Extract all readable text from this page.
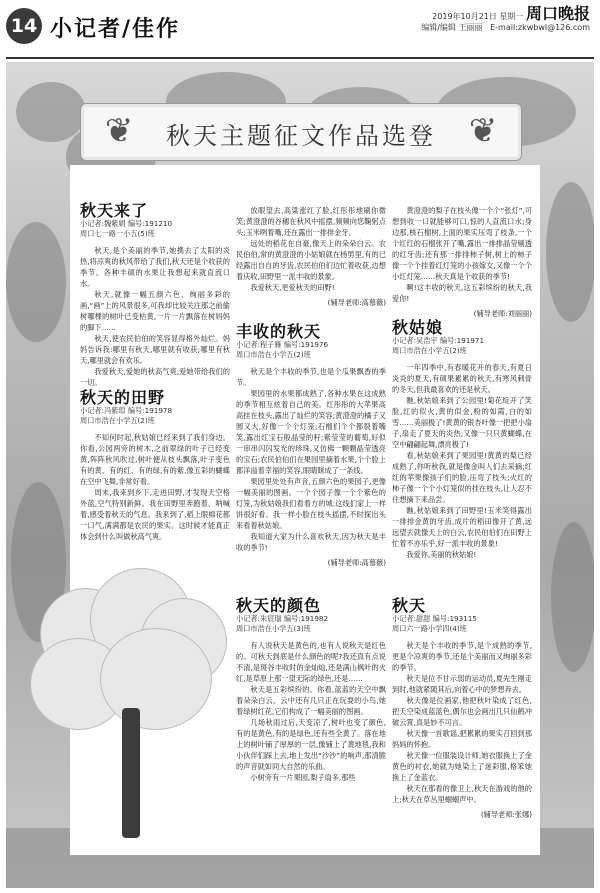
14 小记者/佳作
2019年10月21日 星期一 周口晚报
编辑/编辑 王丽丽 E-mail:zkwbwl@126.com
❦	秋天主题征文作品选登 ❦
秋天来了
小记者:魏紫娟 编号:191210
周口七一路一小五(5)班

秋天,是个美丽的季节,她携去了太阳的炎热,将凉爽的秋风带给了我们,秋天还是个收获的季节。各种丰硕的水果让我想起来就直流口水。

秋天,就像一幅五颜六色、绚丽多彩的画,“画”上的风景很多,可我却比较关注那之前偷树哪棵的树叶已变枯黄,一片一片飘落在树妈妈的脚下……

秋天,使农民伯伯的笑容显得格外灿烂。妈妈告诉我:哪里有秋天,哪里就有收获;哪里有秋天,哪里就会有欢乐。

我爱秋天,爱她的秋高气爽,爱她带给我们的一切。

秋天的田野
小记者:冯紫瑄 编号:191978
周口市浩在小学五(2)班

不知何时起,秋姑娘已经来到了我们身边。你看,公园两旁的树木,之前翠绿的叶子已经变黄,阵阵秋风吹过,树叶便从枝头飘落,叶子变色有的黄、有的红、有的绿,有的紫,像五彩的蝴蝶在空中飞舞,非常好看。

周末,我来到乡下,走进田野,才发现天空格外蓝,空气特别新鲜。我在田野里奔跑着、呐喊着,感受着秋天的气息。我来到了,稻上眼棉花都一口气,满满都是农民的果实。这时候才能真正体会到什么叫做秋高气爽。

放眼望去,高粱涨红了脸,红彤彤地刷你微笑;黄澄澄的谷穗在秋风中摇摆,频频向您鞠躬点头;玉米咧着嘴,还在露出一排排金牙。

远处的稻花在自豪,像天上的朵朵白云。农民伯伯,常的黄澄澄的小姑娘就在杨男里,有的已经露出自自的牙齿,农民伯伯们边忙着收获,边想着庆收,田野里一派丰收的景象。

我爱秋天,更爱秋天的田野!

(辅导老师:高慕薇)
丰收的秋天
小记者:程子雁 编号:191976
周口市浩在小学五(2)班

秋天是个丰收的季节,也是个瓜果飘香的季节。

果园里的水果都成熟了,各种水果在这成熟的季节相互炫着自己的美。红彤彤的大苹果高高挂在枝头,露出了灿烂的笑容;黄澄澄的橘子又圆又大,好像一个个灯笼;石榴们个个都裂着嘴笑,露出红宝石般晶莹的籽;紫莹莹的葡萄,好似一串串闪闪发光的珍珠,又仿佛一颗颗晶莹透亮的宝石;农民伯伯们在果园里摘着水果,个个脸上都洋溢着幸福的笑容,眼睛眯成了一条线。

果园里处处有声音,五颜六色的果园子,更像一幅美丽的图画。一个个园子像一个个紫色的灯笼,为秋姑娘我们看着方的城:这线们家上一样饼很好看。我一样小脸在枝头摇摆,不时探出头来看着秋姑娘。

我知道大家为什么喜欢秋天,因为秋天是丰收的季节!

(辅导老师:高慕薇)

黄澄澄的梨子在枝头像一个个“张灯”,可想到收一口就能够可口,惊的人直流口水;身边那,核石榴树,上面的果实压弯了枝条,一个个红红的石榴张开了嘴,露出一排排晶莹剔透的红牙齿;还有那一排排柿子树,树上的柿子像一个个挂着红灯笼的小孩嫁女,又像一个个小红灯笼……秋天真是个收获的季节!

啊!这丰收的秋天,这五彩缤纷的秋天,我爱你!

(辅导老师:刘丽丽)
秋姑娘
小记者:吴浩宇 编号:191971
周口市浩在小学五(2)班

一年四季中,有春暖花开的春天,有夏日炎炎的夏天,有硕果累累的秋天,有寒风刺骨的冬天,但我最喜欢的还是秋天。

瞧,秋姑娘来到了公园里!菊花绽开了笑脸,红的似火,黄的似金,粉的如霞,白的如雪……美丽极了!黄黄的银杏叶像一把把小扇子,扇走了夏天的炎热;又像一只只黄蝴蝶,在空中翩翩起舞,漂亮极了!

看,秋姑娘来到了果园里!黄黄的梨已经成熟了,你听秋我,就是像金叫人们去采摘;红红的苹果像孩子们的脸,压弯了枝头;火红的柿子像一个个小灯笼似的挂在枝头,让人忍不住想摘下来品尝。

瞧,秋姑娘来到了田野里!玉米笑得露出一排排金黄的牙齿,成片的稻田像开了黄,远远望去就像天上的白云,农民伯伯们在田野上忙着不亦乐乎,好一派丰收的景象!

我爱你,美丽的秋姑娘!

秋天的颜色
小记者:朱宸瑞 编号:191982
周口市浩在小学五(3)班

有人说秋天是黄色的,也有人说秋天是红色的。可秋天到底是什么颜色的呢?我还真有点说不清,是斑谷丰收时的金灿灿,还是满山枫叶的火红,是草原上那一望无际的绿色,还是……

秋天是五彩缤纷的。你看,蓝蓝的天空中飘着朵朵白云。云中还有几只正在玩耍的小鸟,她着绿树红花,它们构成了一幅美丽的图画。

几场秋雨过后,天变凉了,树叶也变了颜色,有的是黄色,有的是绿色,还有些全黄了。落在地上的树叶铺了厚厚的一层,像铺上了黄地毯,我和小伙伴们踩上去,地上发出“沙沙”的响声,那清脆的声音就如同大自然的乐曲。

小树旁有一片果园,梨子扇多,那些

秋天
小记者:甜甜 编号:193115
周口六一路小学四(4)班

秋天是个丰收的季节,是个成熟的季节,更是个凉爽的季节,还是个美丽而又绚丽多彩的季节。

秋天是位不甘示弱的运动员,夏先生刚走到时,他就紧随其后,向着心中的梦想奔去。

秋天像是位画家,他把秋叶染成了红色,把天空染成蓝蓝色,偶尔也会画出几只仙鹤冲破云霄,真是妙不可言。

秋天像一首歌谣,把累累的果实召回到那妈妈的怀抱。

秋天像一位服装设计师,她衣服换上了金黄色的衬衣,她就为她染上了迷彩服,格笨她换上了金蓝衣。

秋天在那看的像卫上,秋天在游戏的他的上;秋天在草丛里蝈蝈声中。

(辅导老师:张娜)
